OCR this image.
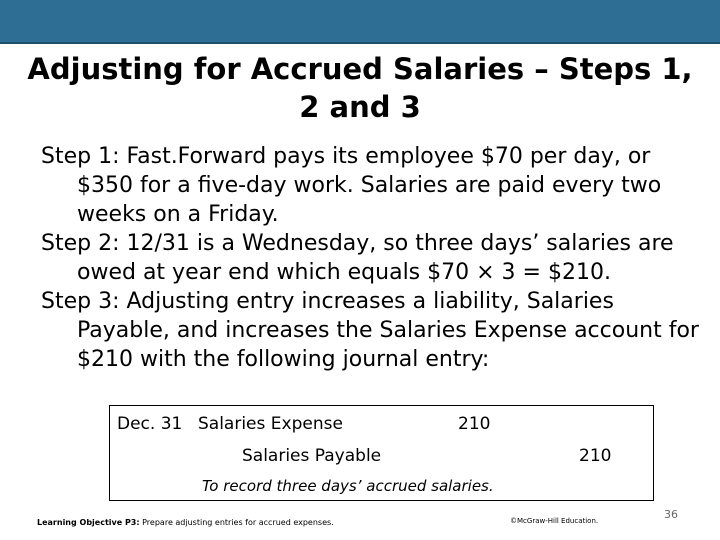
Adjusting for Accrued Salaries – Steps 1, 2 and 3

Step 1: Fast.Forward pays its employee $70 per day, or $350 for a five-day work. Salaries are paid every two weeks on a Friday.

Step 2: 12/31 is a Wednesday, so three days’ salaries are owed at year end which equals $70 × 3 = $210.

Step 3: Adjusting entry increases a liability, Salaries Payable, and increases the Salaries Expense account for $210 with the following journal entry:

Dec. 31 Salaries Expense	210
Salaries Payable	210
To record three days’ accrued salaries.
Learning Objective P3: Prepare adjusting entries for accrued expenses.	©McGraw-Hill Education.	36
